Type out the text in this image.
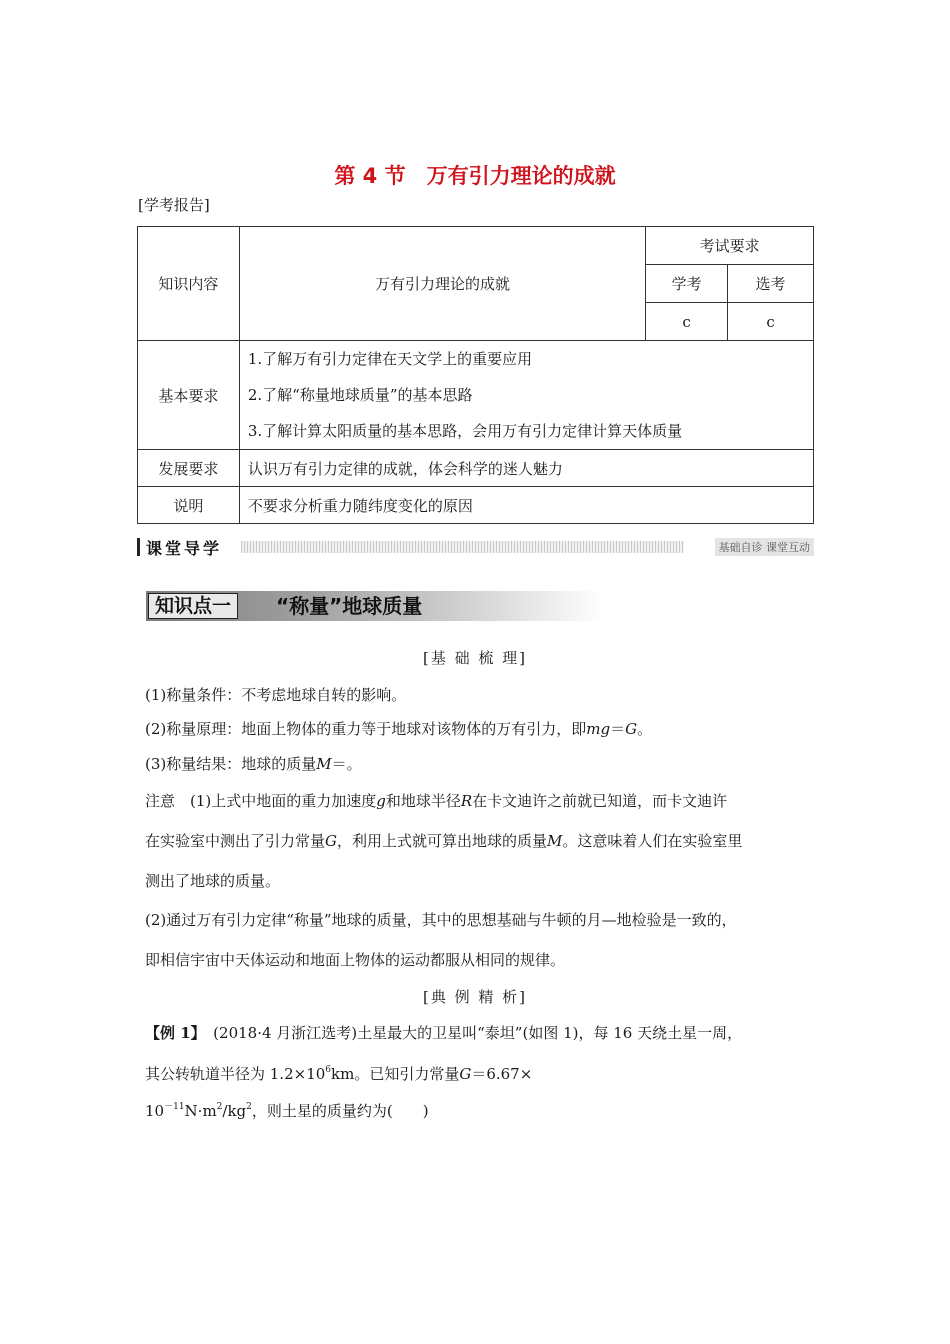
第 4 节　万有引力理论的成就
[学考报告]
知识内容	万有引力理论的成就	考试要求	
		学考	选考
		c	c
基本要求	1.了解万有引力定律在天文学上的重要应用
2.了解“称量地球质量”的基本思路
3.了解计算太阳质量的基本思路，会用万有引力定律计算天体质量		

发展要求	认识万有引力定律的成就，体会科学的迷人魅力		
说明	不要求分析重力随纬度变化的原因		
课堂导学	基础自诊 课堂互动
知识点一	“称量”地球质量
[基 础 梳 理]
(1)称量条件：不考虑地球自转的影响。
(2)称量原理：地面上物体的重力等于地球对该物体的万有引力，即mg＝G。
(3)称量结果：地球的质量M＝。
注意　(1)上式中地面的重力加速度g和地球半径R在卡文迪许之前就已知道，而卡文迪许
在实验室中测出了引力常量G，利用上式就可算出地球的质量M。这意味着人们在实验室里
测出了地球的质量。
(2)通过万有引力定律“称量”地球的质量，其中的思想基础与牛顿的月—地检验是一致的，
即相信宇宙中天体运动和地面上物体的运动都服从相同的规律。
[典 例 精 析]
【例 1】　(2018·4 月浙江选考)土星最大的卫星叫“泰坦”(如图 1)，每 16 天绕土星一周，
其公转轨道半径为 $1.2\times 10^6km$。已知引力常量G＝6.67×
$10^{-11}N\cdot m^2/kg^2$，则土星的质量约为(　　)
